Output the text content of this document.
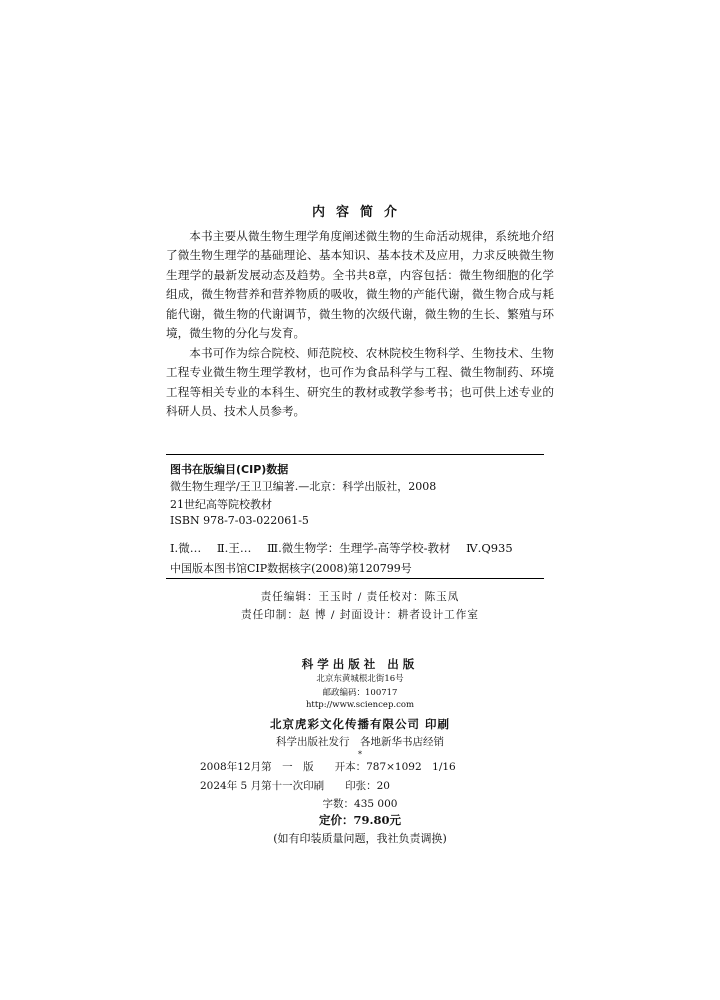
内容简介

本书主要从微生物生理学角度阐述微生物的生命活动规律，系统地介绍了微生物生理学的基础理论、基本知识、基本技术及应用，力求反映微生物生理学的最新发展动态及趋势。全书共8章，内容包括：微生物细胞的化学组成，微生物营养和营养物质的吸收，微生物的产能代谢，微生物合成与耗能代谢，微生物的代谢调节，微生物的次级代谢，微生物的生长、繁殖与环境，微生物的分化与发育。

本书可作为综合院校、师范院校、农林院校生物科学、生物技术、生物工程专业微生物生理学教材，也可作为食品科学与工程、微生物制药、环境工程等相关专业的本科生、研究生的教材或教学参考书；也可供上述专业的科研人员、技术人员参考。

图书在版编目(CIP)数据
微生物生理学/王卫卫编著.—北京：科学出版社，2008
21世纪高等院校教材
ISBN 978-7-03-022061-5
Ⅰ.微… Ⅱ.王… Ⅲ.微生物学：生理学-高等学校-教材 Ⅳ.Q935
中国版本图书馆CIP数据核字(2008)第120799号
责任编辑：王玉时 / 责任校对：陈玉凤
责任印制：赵 博 / 封面设计：耕者设计工作室
科学出版社 出版
北京东黄城根北街16号
邮政编码：100717
http://www.sciencep.com
北京虎彩文化传播有限公司 印刷
科学出版社发行　各地新华书店经销
*
2008年12月第　一　版　　开本：787×1092　1/16
2024年 5 月第十一次印刷　　印张：20
字数：435 000
定价：79.80元
(如有印装质量问题，我社负责调换)
